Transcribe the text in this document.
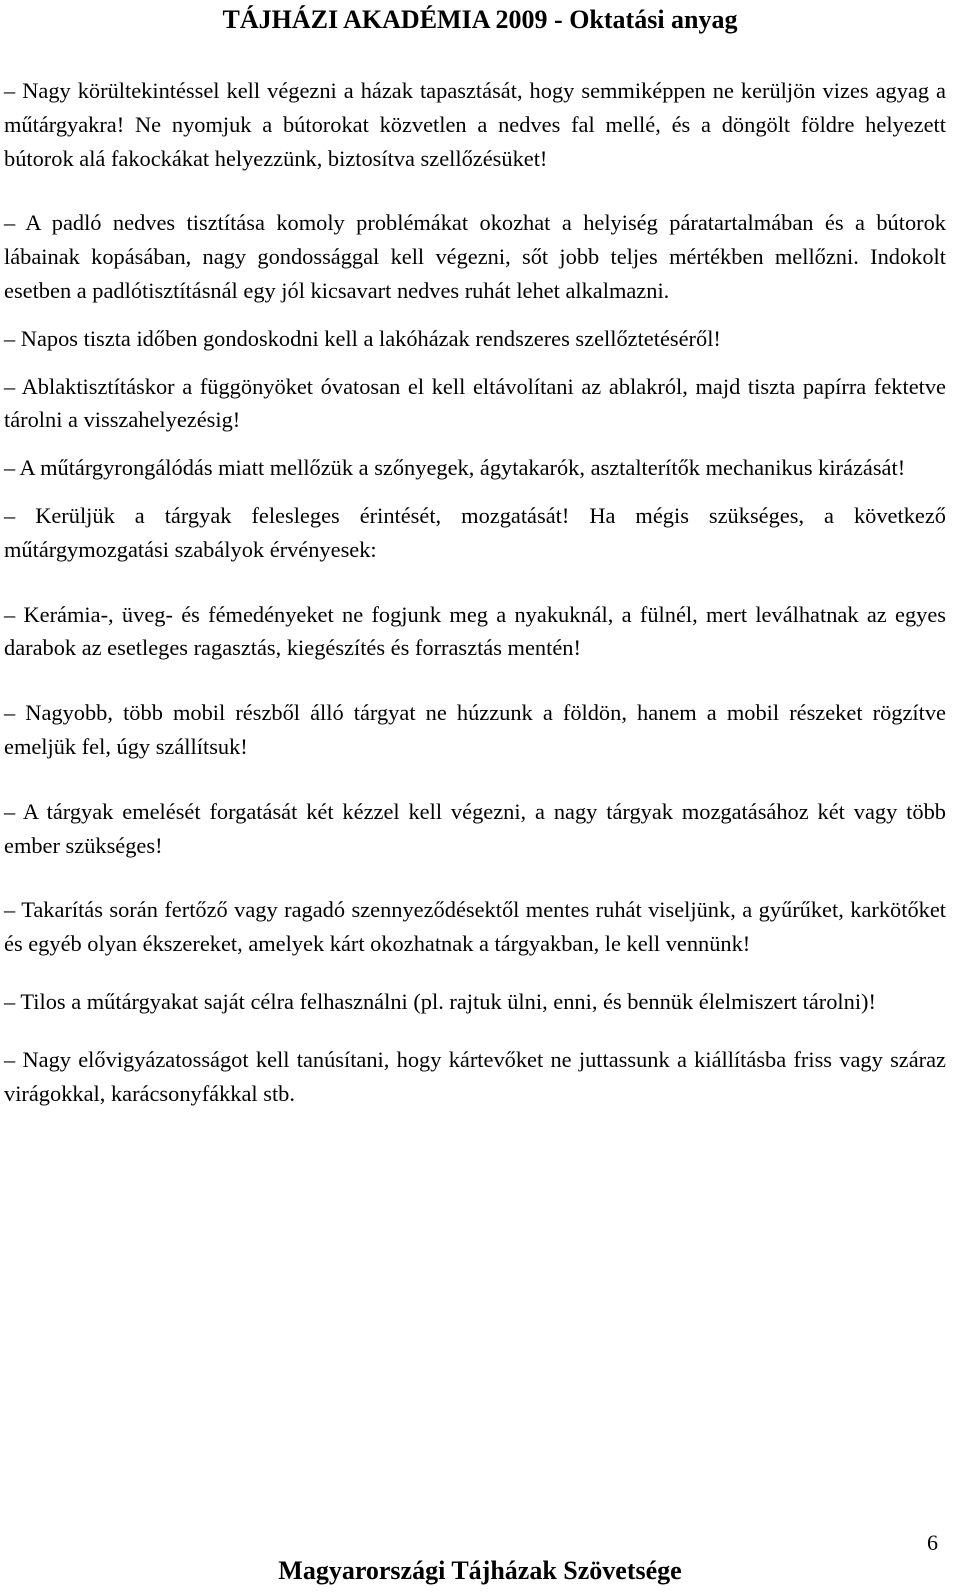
TÁJHÁZI AKADÉMIA 2009 - Oktatási anyag

– Nagy körültekintéssel kell végezni a házak tapasztását, hogy semmiképpen ne kerüljön vizes agyag a műtárgyakra! Ne nyomjuk a bútorokat közvetlen a nedves fal mellé, és a döngölt földre helyezett bútorok alá fakockákat helyezzünk, biztosítva szellőzésüket!

– A padló nedves tisztítása komoly problémákat okozhat a helyiség páratartalmában és a bútorok lábainak kopásában, nagy gondossággal kell végezni, sőt jobb teljes mértékben mellőzni. Indokolt esetben a padlótisztításnál egy jól kicsavart nedves ruhát lehet alkalmazni.

– Napos tiszta időben gondoskodni kell a lakóházak rendszeres szellőztetéséről!

– Ablaktisztításkor a függönyöket óvatosan el kell eltávolítani az ablakról, majd tiszta papírra fektetve tárolni a visszahelyezésig!

– A műtárgyrongálódás miatt mellőzük a szőnyegek, ágytakarók, asztalterítők mechanikus kirázását!

– Kerüljük a tárgyak felesleges érintését, mozgatását! Ha mégis szükséges, a következő műtárgymozgatási szabályok érvényesek:

– Kerámia-, üveg- és fémedényeket ne fogjunk meg a nyakuknál, a fülnél, mert leválhatnak az egyes darabok az esetleges ragasztás, kiegészítés és forrasztás mentén!

– Nagyobb, több mobil részből álló tárgyat ne húzzunk a földön, hanem a mobil részeket rögzítve emeljük fel, úgy szállítsuk!

– A tárgyak emelését forgatását két kézzel kell végezni, a nagy tárgyak mozgatásához két vagy több ember szükséges!

– Takarítás során fertőző vagy ragadó szennyeződésektől mentes ruhát viseljünk, a gyűrűket, karkötőket és egyéb olyan ékszereket, amelyek kárt okozhatnak a tárgyakban, le kell vennünk!

– Tilos a műtárgyakat saját célra felhasználni (pl. rajtuk ülni, enni, és bennük élelmiszert tárolni)!

– Nagy elővigyázatosságot kell tanúsítani, hogy kártevőket ne juttassunk a kiállításba friss vagy száraz virágokkal, karácsonyfákkal stb.

6
Magyarországi Tájházak Szövetsége
